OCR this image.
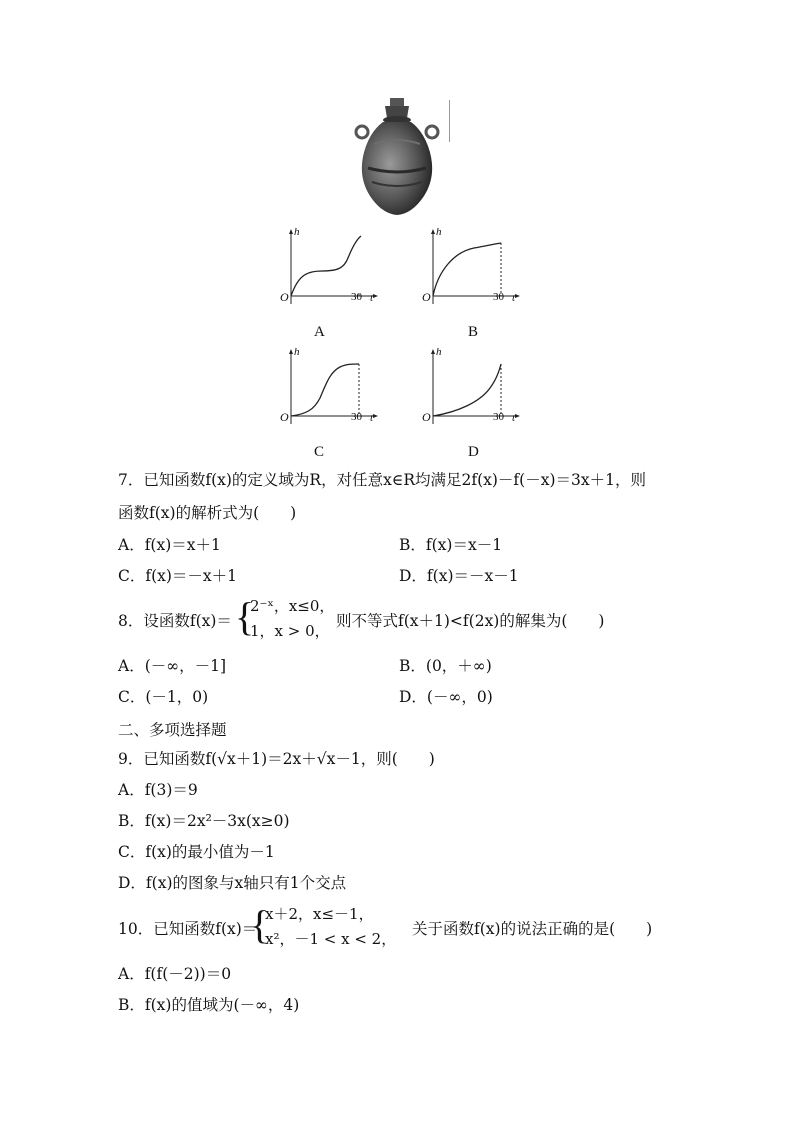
h
t
O	30
A
h
t
O	30
B
h
t
O	30
C
h
t
O	30
D
7．已知函数f(x)的定义域为R，对任意x∈R均满足2f(x)－f(－x)＝3x＋1，则
函数f(x)的解析式为(　　)
A．f(x)＝x＋1	B．f(x)＝x－1
C．f(x)＝－x＋1	D．f(x)＝－x－1
8．设函数f(x)＝ {
2⁻ˣ，x≤0，
1，x > 0，
则不等式f(x＋1)<f(2x)的解集为(　　)
A．(－∞，－1]	B．(0，＋∞)
C．(－1，0)	D．(－∞，0)
二、多项选择题
9．已知函数f(√x＋1)＝2x＋√x－1，则(　　)
A．f(3)＝9
B．f(x)＝2x²－3x(x≥0)
C．f(x)的最小值为－1
D．f(x)的图象与x轴只有1个交点
10．已知函数f(x)＝
{
x＋2，x≤－1，
x²，－1 < x < 2，
关于函数f(x)的说法正确的是(　　)
A．f(f(－2))＝0
B．f(x)的值域为(－∞，4)
